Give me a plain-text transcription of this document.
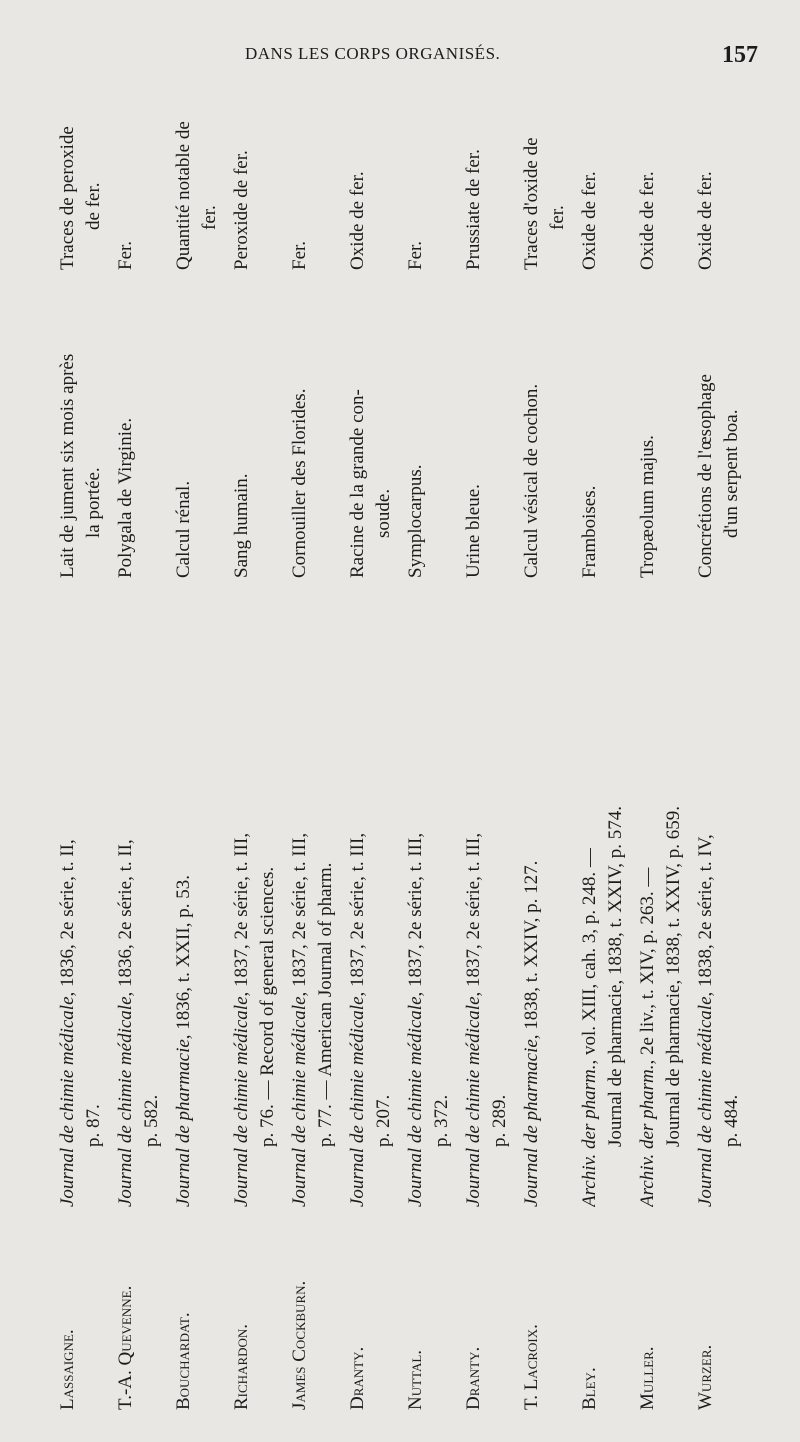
DANS LES CORPS ORGANISÉS.	157
Lassaigne.
Journal de chimie médicale, 1836, 2e série, t. II,
p. 87.
Lait de jument six mois après la portée.
Traces de peroxide de fer.
T.-A. Quevenne.
Journal de chimie médicale, 1836, 2e série, t. II,
p. 582.
Polygala de Virginie.
Fer.
Bouchardat.
Journal de pharmacie, 1836, t. XXII, p. 53.
Calcul rénal.
Quantité notable de fer.
Richardon.
Journal de chimie médicale, 1837, 2e série, t. III, p. 76. — Record of general sciences.
Sang humain.
Peroxide de fer.
James Cockburn.
Journal de chimie médicale, 1837, 2e série, t. III, p. 77. — American Journal of pharm.
Cornouiller des Florides.
Fer.
Dranty.
Journal de chimie médicale, 1837, 2e série, t. III,
p. 207.
Racine de la grande con- soude.
Oxide de fer.
Nuttal.
Journal de chimie médicale, 1837, 2e série, t. III,
p. 372.
Symplocarpus.
Fer.
Dranty.
Journal de chimie médicale, 1837, 2e série, t. III,
p. 289.
Urine bleue.
Prussiate de fer.
T. Lacroix.
Journal de pharmacie, 1838, t. XXIV, p. 127.
Calcul vésical de cochon.
Traces d'oxide de fer.
Bley.
Archiv. der pharm., vol. XIII, cah. 3, p. 248. — Journal de pharmacie, 1838, t. XXIV, p. 574.
Framboises.
Oxide de fer.
Muller.
Archiv. der pharm., 2e liv., t. XIV, p. 263. — Journal de pharmacie, 1838, t. XXIV, p. 659.
Tropæolum majus.
Oxide de fer.
Wurzer.
Journal de chimie médicale, 1838, 2e série, t. IV,
p. 484.
Concrétions de l'œsophage d'un serpent boa.
Oxide de fer.
